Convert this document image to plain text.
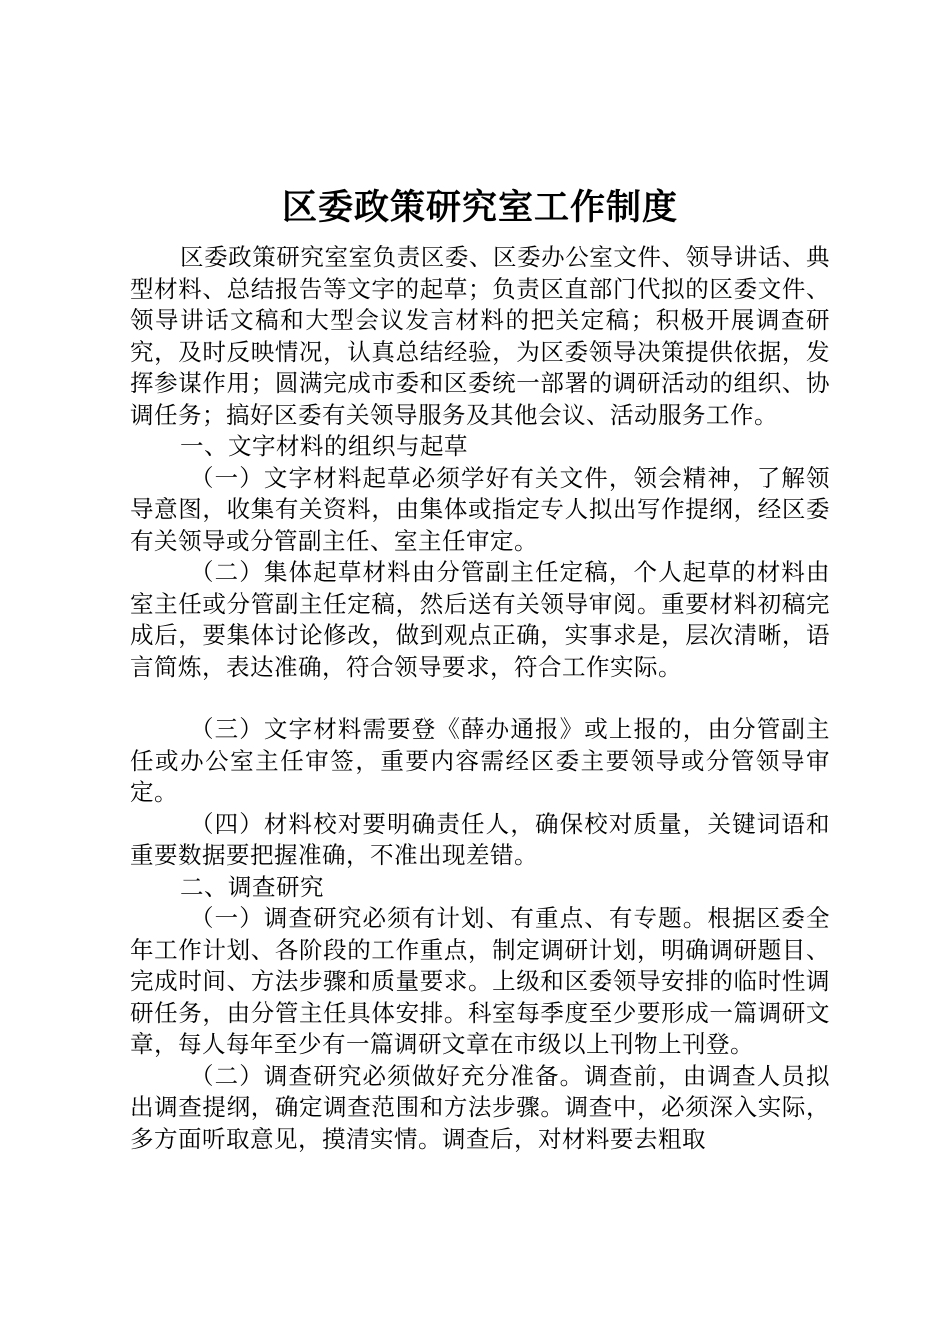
区委政策研究室工作制度

区委政策研究室室负责区委、区委办公室文件、领导讲话、典型材料、总结报告等文字的起草；负责区直部门代拟的区委文件、领导讲话文稿和大型会议发言材料的把关定稿；积极开展调查研究，及时反映情况，认真总结经验，为区委领导决策提供依据，发挥参谋作用；圆满完成市委和区委统一部署的调研活动的组织、协调任务；搞好区委有关领导服务及其他会议、活动服务工作。

一、文字材料的组织与起草

（一）文字材料起草必须学好有关文件，领会精神，了解领导意图，收集有关资料，由集体或指定专人拟出写作提纲，经区委有关领导或分管副主任、室主任审定。

（二）集体起草材料由分管副主任定稿，个人起草的材料由室主任或分管副主任定稿，然后送有关领导审阅。重要材料初稿完成后，要集体讨论修改，做到观点正确，实事求是，层次清晰，语言简炼，表达准确，符合领导要求，符合工作实际。

（三）文字材料需要登《薛办通报》或上报的，由分管副主任或办公室主任审签，重要内容需经区委主要领导或分管领导审定。

（四）材料校对要明确责任人，确保校对质量，关键词语和重要数据要把握准确，不准出现差错。

二、调查研究

（一）调查研究必须有计划、有重点、有专题。根据区委全年工作计划、各阶段的工作重点，制定调研计划，明确调研题目、完成时间、方法步骤和质量要求。上级和区委领导安排的临时性调研任务，由分管主任具体安排。科室每季度至少要形成一篇调研文章，每人每年至少有一篇调研文章在市级以上刊物上刊登。

（二）调查研究必须做好充分准备。调查前，由调查人员拟出调查提纲，确定调查范围和方法步骤。调查中，必须深入实际，多方面听取意见，摸清实情。调查后，对材料要去粗取
